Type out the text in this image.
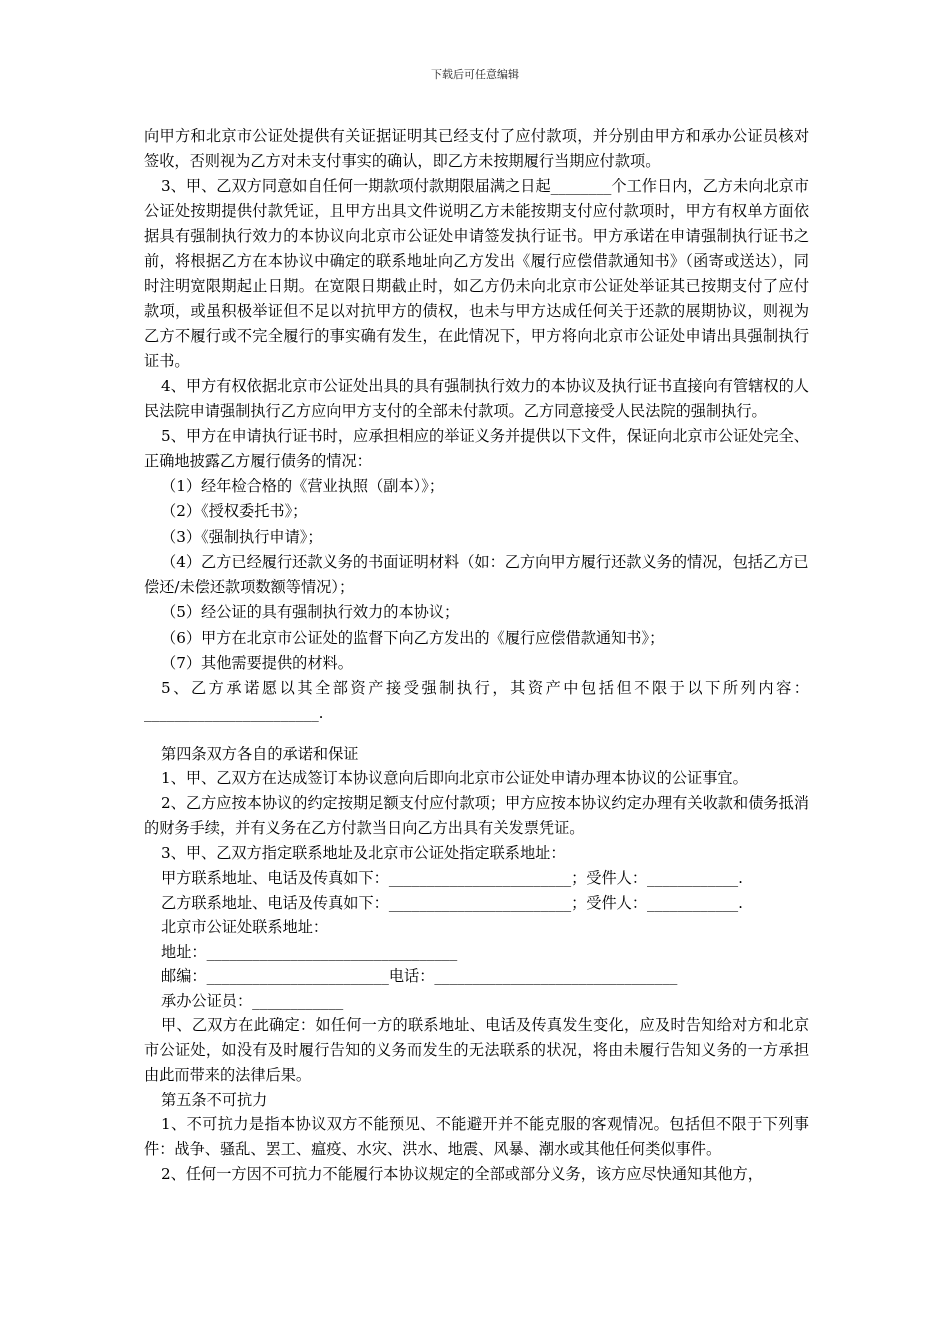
下载后可任意编辑

向甲方和北京市公证处提供有关证据证明其已经支付了应付款项，并分别由甲方和承办公证员核对签收，否则视为乙方对未支付事实的确认，即乙方未按期履行当期应付款项。

3、甲、乙双方同意如自任何一期款项付款期限届满之日起________个工作日内，乙方未向北京市公证处按期提供付款凭证，且甲方出具文件说明乙方未能按期支付应付款项时，甲方有权单方面依据具有强制执行效力的本协议向北京市公证处申请签发执行证书。甲方承诺在申请强制执行证书之前，将根据乙方在本协议中确定的联系地址向乙方发出《履行应偿借款通知书》（函寄或送达），同时注明宽限期起止日期。在宽限日期截止时，如乙方仍未向北京市公证处举证其已按期支付了应付款项，或虽积极举证但不足以对抗甲方的债权，也未与甲方达成任何关于还款的展期协议，则视为乙方不履行或不完全履行的事实确有发生，在此情况下，甲方将向北京市公证处申请出具强制执行证书。

4、甲方有权依据北京市公证处出具的具有强制执行效力的本协议及执行证书直接向有管辖权的人民法院申请强制执行乙方应向甲方支付的全部未付款项。乙方同意接受人民法院的强制执行。

5、甲方在申请执行证书时，应承担相应的举证义务并提供以下文件，保证向北京市公证处完全、正确地披露乙方履行债务的情况：

（1）经年检合格的《营业执照（副本）》；

（2）《授权委托书》；

（3）《强制执行申请》；

（4）乙方已经履行还款义务的书面证明材料（如：乙方向甲方履行还款义务的情况，包括乙方已偿还/未偿还款项数额等情况）；

（5）经公证的具有强制执行效力的本协议；

（6）甲方在北京市公证处的监督下向乙方发出的《履行应偿借款通知书》；

（7）其他需要提供的材料。

5、乙方承诺愿以其全部资产接受强制执行，其资产中包括但不限于以下所列内容：_______________________.

第四条双方各自的承诺和保证

1、甲、乙双方在达成签订本协议意向后即向北京市公证处申请办理本协议的公证事宜。

2、乙方应按本协议的约定按期足额支付应付款项；甲方应按本协议约定办理有关收款和债务抵消的财务手续，并有义务在乙方付款当日向乙方出具有关发票凭证。

3、甲、乙双方指定联系地址及北京市公证处指定联系地址：

甲方联系地址、电话及传真如下：________________________；受件人：____________.

乙方联系地址、电话及传真如下：________________________；受件人：____________.

北京市公证处联系地址：

地址：_________________________________

邮编：________________________电话：________________________________

承办公证员：____________

甲、乙双方在此确定：如任何一方的联系地址、电话及传真发生变化，应及时告知给对方和北京市公证处，如没有及时履行告知的义务而发生的无法联系的状况，将由未履行告知义务的一方承担由此而带来的法律后果。

第五条不可抗力

1、不可抗力是指本协议双方不能预见、不能避开并不能克服的客观情况。包括但不限于下列事件：战争、骚乱、罢工、瘟疫、水灾、洪水、地震、风暴、潮水或其他任何类似事件。

2、任何一方因不可抗力不能履行本协议规定的全部或部分义务，该方应尽快通知其他方，
